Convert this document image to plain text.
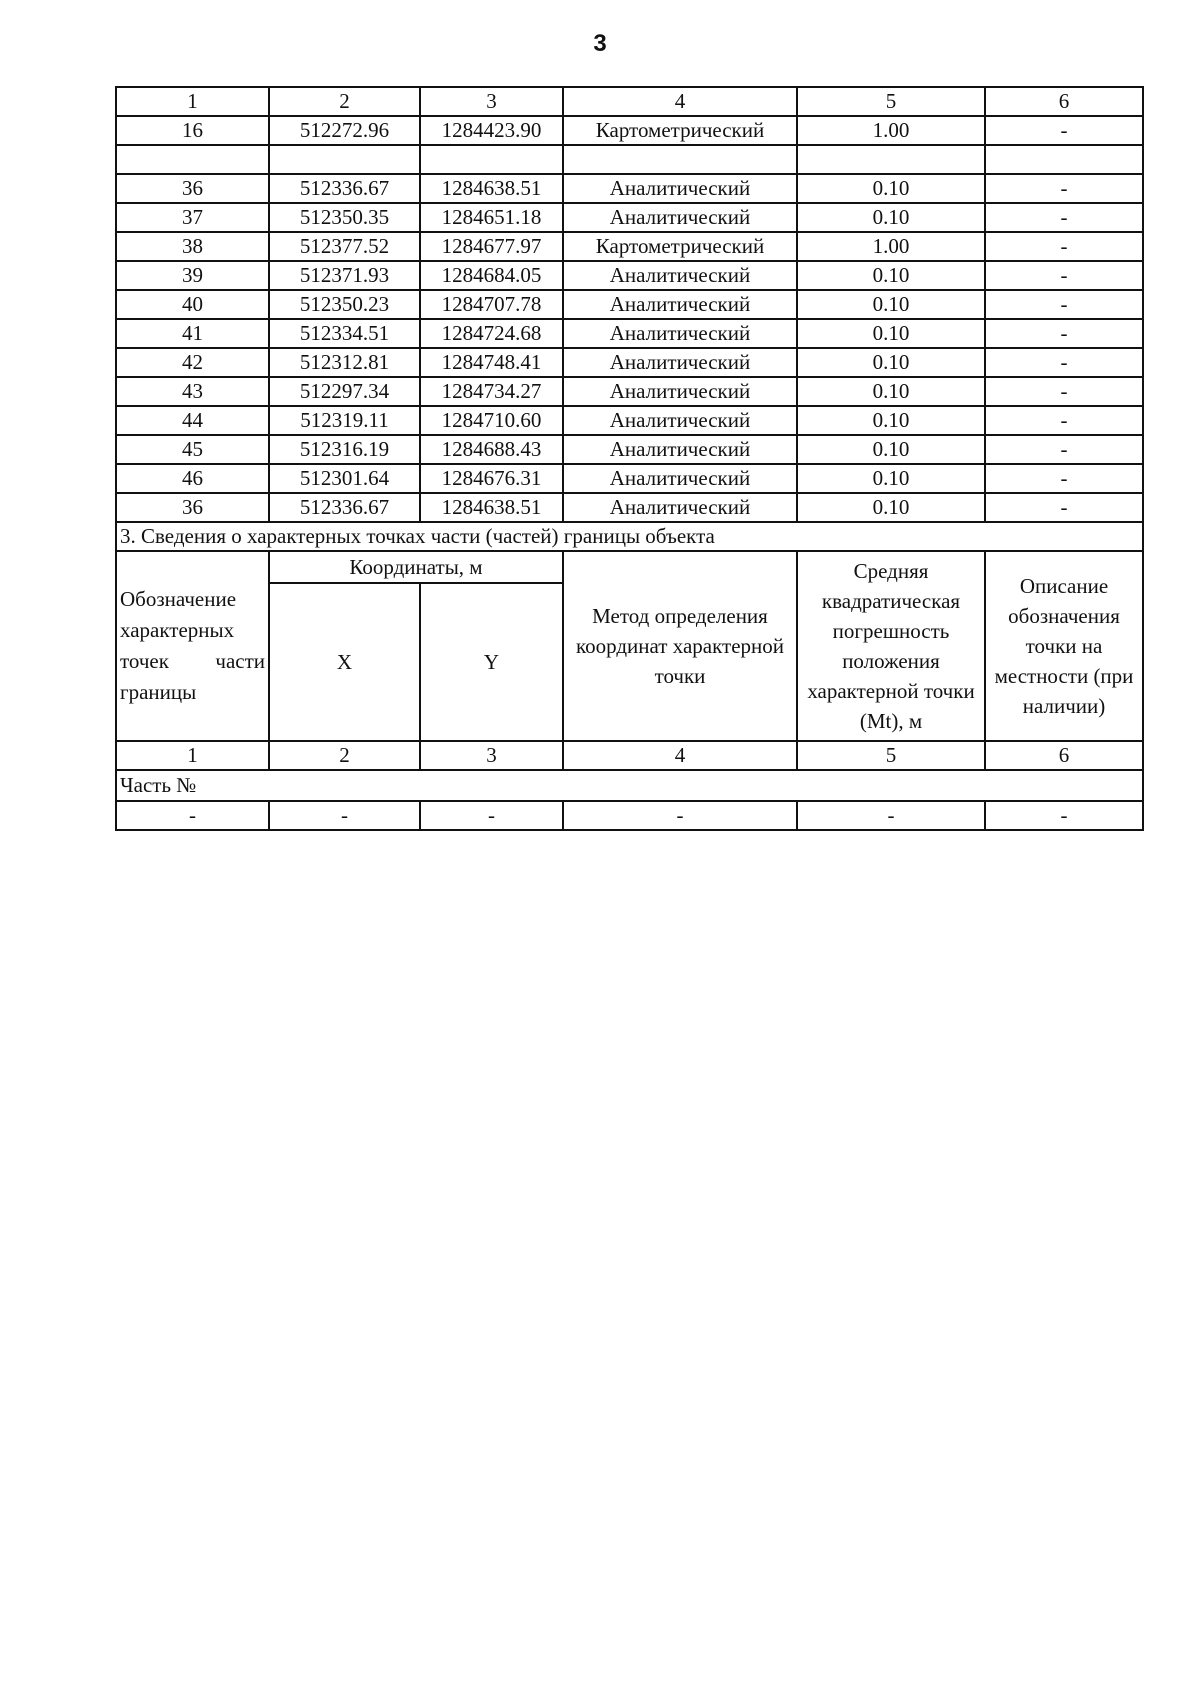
3
1	2	3	4	5	6
16	512272.96	1284423.90	Картометрический	1.00	-

36	512336.67	1284638.51	Аналитический	0.10	-
37	512350.35	1284651.18	Аналитический	0.10	-
38	512377.52	1284677.97	Картометрический	1.00	-
39	512371.93	1284684.05	Аналитический	0.10	-
40	512350.23	1284707.78	Аналитический	0.10	-
41	512334.51	1284724.68	Аналитический	0.10	-
42	512312.81	1284748.41	Аналитический	0.10	-
43	512297.34	1284734.27	Аналитический	0.10	-
44	512319.11	1284710.60	Аналитический	0.10	-
45	512316.19	1284688.43	Аналитический	0.10	-
46	512301.64	1284676.31	Аналитический	0.10	-
36	512336.67	1284638.51	Аналитический	0.10	-
3. Сведения о характерных точках части (частей) границы объекта					
Обозначение характерных точек части границы	Координаты, м		Метод определения координат характерной точки	Средняя квадратическая погрешность положения характерной точки (Mt), м	Описание обозначения точки на местности (при наличии)
	X	Y			
1	2	3	4	5	6
Часть №					
-	-	-	-	-	-
